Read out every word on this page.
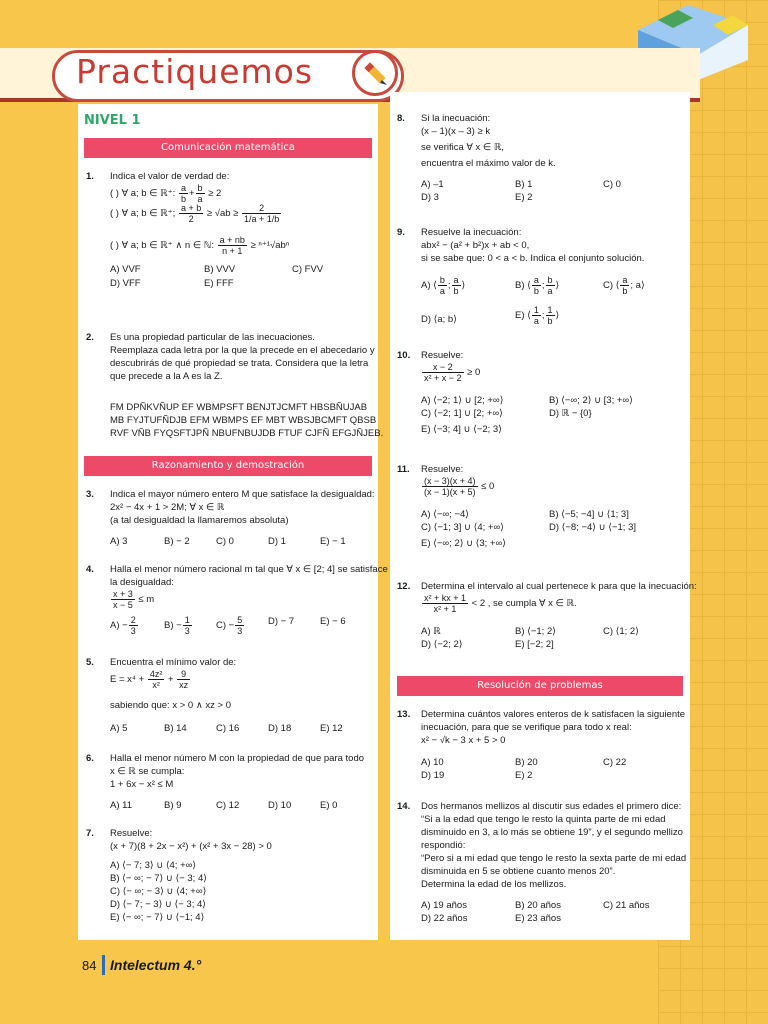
Practiquemos
NIVEL 1
Comunicación matemática
Razonamiento y demostración
Resolución de problemas
1. Indica el valor de verdad de:
( ) ∀ a; b ∈ ℝ⁺: $\frac{a}{b} + \frac{b}{a} \ge 2$
( ) ∀ a; b ∈ ℝ⁺; $\frac{a + b}{2} \ge √ab \ge \frac{2}{1/a + 1/b}$
( ) ∀ a; b ∈ ℝ⁺ ∧ n ∈ ℕ: $\frac{a + nb}{n + 1} \ge ^{n+1}√ab^n$
A) VVF	B) VVV	C) FVV
D) VFF	E) FFF
2. Es una propiedad particular de las inecuaciones.
Reemplaza cada letra por la que la precede en el abecedario y
descubrirás de qué propiedad se trata. Considera que la letra
que precede a la A es la Z.
FM DPÑKVÑUP EF WBMPSFT BENJTJCMFT HBSBÑUJAB
MB FYJTUFÑDJB EFM WBMPS EF MBT WBSJBCMFT QBSB
RVF VÑB FYQSFTJPÑ NBUFNBUJDB FTUF CJFÑ EFGJÑJEB.
3. Indica el mayor número entero M que satisface la desigualdad:
2x² − 4x + 1 > 2M; ∀ x ∈ ℝ
(a tal desigualdad la llamaremos absoluta)
A) 3	B) − 2	C) 0	D) 1	E) − 1
4. Halla el menor número racional m tal que ∀ x ∈ [2; 4] se satisface
la desigualdad:
$\frac{x + 3}{x - 5} \le m$
$A) - \frac{2}{3}$	$B) - \frac{1}{3}$	$C) - \frac{5}{3}$	D) − 7	E) − 6
5. Encuentra el mínimo valor de:
$E = x^4 + \frac{\text{4z²}}{\text{x²}} + \frac{9}{xz}$
sabiendo que: x > 0 ∧ xz > 0
A) 5	B) 14	C) 16	D) 18	E) 12
6. Halla el menor número M con la propiedad de que para todo
x ∈ ℝ se cumpla:
1 + 6x − x² ≤ M
A) 11	B) 9	C) 12	D) 10	E) 0
7. Resuelve:
(x + 7)(8 + 2x − x²) + (x² + 3x − 28) > 0
A) ⟨− 7; 3⟩ ∪ ⟨4; +∞⟩
B) ⟨− ∞; − 7⟩ ∪ ⟨− 3; 4⟩
C) ⟨− ∞; − 3⟩ ∪ ⟨4; +∞⟩
D) ⟨− 7; − 3⟩ ∪ ⟨− 3; 4⟩
E) ⟨− ∞; − 7⟩ ∪ ⟨−1; 4⟩
8. Si la inecuación:
(x – 1)(x – 3) ≥ k
se verifica ∀ x ∈ ℝ,
encuentra el máximo valor de k.
A) –1	B) 1	C) 0
D) 3	E) 2
9. Resuelve la inecuación:
abx² − (a² + b²)x + ab < 0,
si se sabe que: 0 < a < b. Indica el conjunto solución.
A) ⟨ $\frac{b}{a}$ ; $\frac{a}{b}$ ⟩	B) ⟨ $\frac{a}{b}$ ; $\frac{b}{a}$ ⟩	C) ⟨ $\frac{a}{b}$ ; a⟩
D) ⟨a; b⟩	E) ⟨ $\frac{1}{a}$ ; $\frac{1}{b}$ ⟩
10. Resuelve:
$\frac{x - 2}{\text{x² + x − 2}} \ge 0$
A) ⟨−2; 1⟩ ∪ [2; +∞⟩	B) ⟨−∞; 2⟩ ∪ [3; +∞⟩
C) ⟨−2; 1] ∪ [2; +∞⟩	D) ℝ − {0}
E) ⟨−3; 4] ∪ ⟨−2; 3⟩
11. Resuelve:
$\frac{(x - 3)(x + 4)}{(x - 1)(x + 5)} \le 0$
A) ⟨−∞; −4⟩	B) ⟨−5; −4] ∪ ⟨1; 3]
C) ⟨−1; 3] ∪ ⟨4; +∞⟩	D) ⟨−8; −4⟩ ∪ ⟨−1; 3]
E) ⟨−∞; 2⟩ ∪ ⟨3; +∞⟩
12. Determina el intervalo al cual pertenece k para que la inecuación:
$\frac{\text{x² + kx + 1}}{\text{x² + 1}} < 2$ , se cumpla ∀ x ∈ ℝ.
A) ℝ	B) ⟨−1; 2⟩	C) ⟨1; 2⟩
D) ⟨−2; 2⟩	E) [−2; 2]
13. Determina cuántos valores enteros de k satisfacen la siguiente
inecuación, para que se verifique para todo x real:
x² − √k − 3 x + 5 > 0
A) 10	B) 20	C) 22
D) 19	E) 2
14. Dos hermanos mellizos al discutir sus edades el primero dice:
“Si a la edad que tengo le resto la quinta parte de mi edad
disminuido en 3, a lo más se obtiene 19”, y el segundo mellizo
respondió:
“Pero si a mi edad que tengo le resto la sexta parte de mi edad
disminuida en 5 se obtiene cuanto menos 20”.
Determina la edad de los mellizos.
A) 19 años	B) 20 años	C) 21 años
D) 22 años	E) 23 años
84 Intelectum 4.°
